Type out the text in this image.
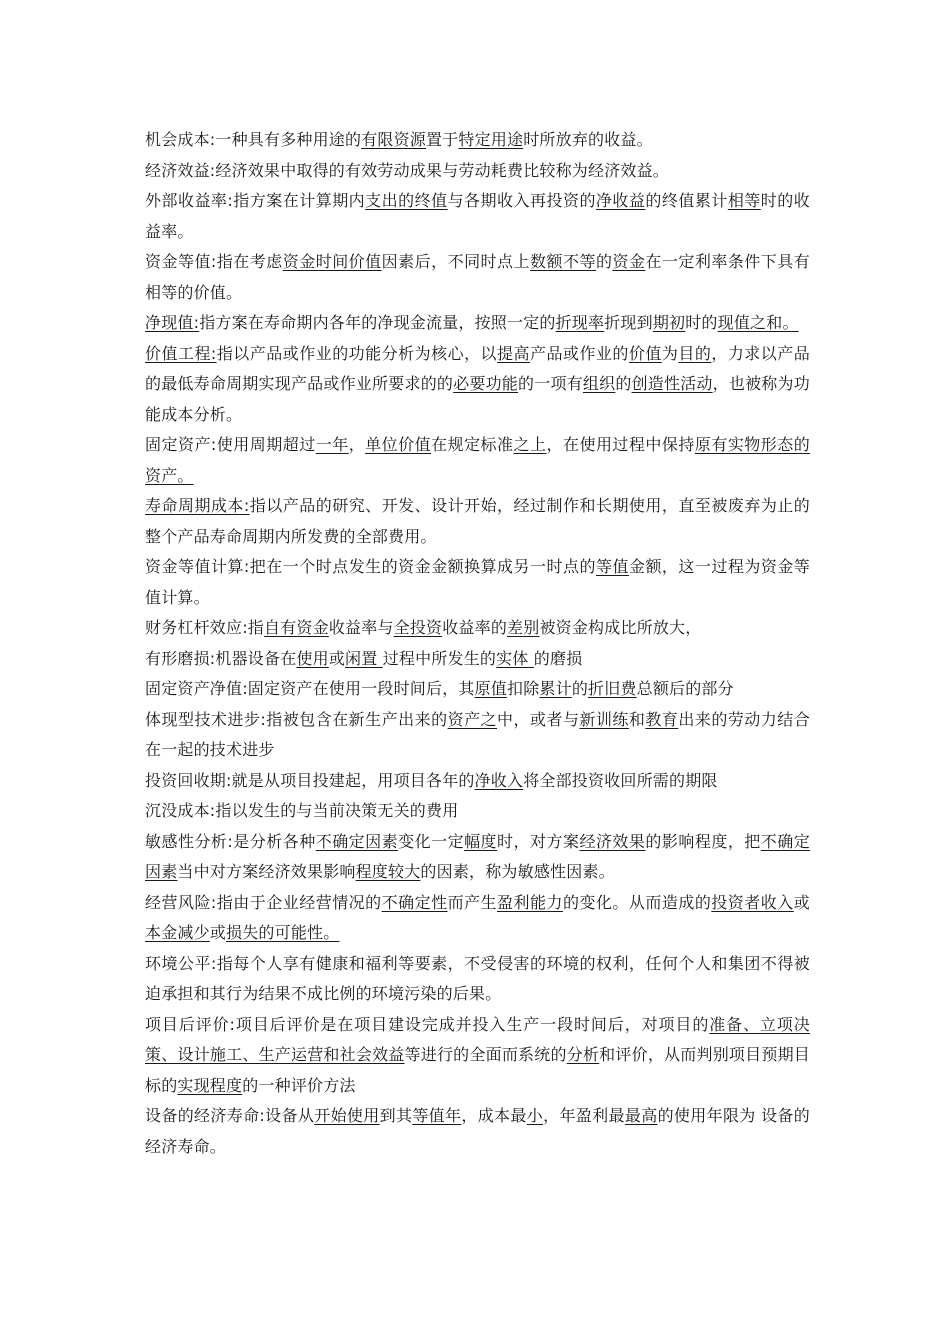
机会成本:一种具有多种用途的有限资源置于特定用途时所放弃的收益。

经济效益:经济效果中取得的有效劳动成果与劳动耗费比较称为经济效益。

外部收益率:指方案在计算期内支出的终值与各期收入再投资的净收益的终值累计相等时的收益率。

资金等值:指在考虑资金时间价值因素后，不同时点上数额不等的资金在一定利率条件下具有相等的价值。

净现值:指方案在寿命期内各年的净现金流量，按照一定的折现率折现到期初时的现值之和。

价值工程:指以产品或作业的功能分析为核心，以提高产品或作业的价值为目的，力求以产品的最低寿命周期实现产品或作业所要求的的必要功能的一项有组织的创造性活动，也被称为功能成本分析。

固定资产:使用周期超过一年，单位价值在规定标准之上，在使用过程中保持原有实物形态的资产。

寿命周期成本:指以产品的研究、开发、设计开始，经过制作和长期使用，直至被废弃为止的整个产品寿命周期内所发费的全部费用。

资金等值计算:把在一个时点发生的资金金额换算成另一时点的等值金额，这一过程为资金等值计算。

财务杠杆效应:指自有资金收益率与全投资收益率的差别被资金构成比所放大，

有形磨损:机器设备在使用或闲置 过程中所发生的实体 的磨损

固定资产净值:固定资产在使用一段时间后，其原值扣除累计的折旧费总额后的部分

体现型技术进步:指被包含在新生产出来的资产之中，或者与新训练和教育出来的劳动力结合在一起的技术进步

投资回收期:就是从项目投建起，用项目各年的净收入将全部投资收回所需的期限

沉没成本:指以发生的与当前决策无关的费用

敏感性分析:是分析各种不确定因素变化一定幅度时，对方案经济效果的影响程度，把不确定因素当中对方案经济效果影响程度较大的因素，称为敏感性因素。

经营风险:指由于企业经营情况的不确定性而产生盈利能力的变化。从而造成的投资者收入或本金减少或损失的可能性。

环境公平:指每个人享有健康和福利等要素，不受侵害的环境的权利，任何个人和集团不得被迫承担和其行为结果不成比例的环境污染的后果。

项目后评价:项目后评价是在项目建设完成并投入生产一段时间后，对项目的准备、立项决策、设计施工、生产运营和社会效益等进行的全面而系统的分析和评价，从而判别项目预期目标的实现程度的一种评价方法

设备的经济寿命:设备从开始使用到其等值年，成本最小，年盈利最最高的使用年限为 设备的经济寿命。
